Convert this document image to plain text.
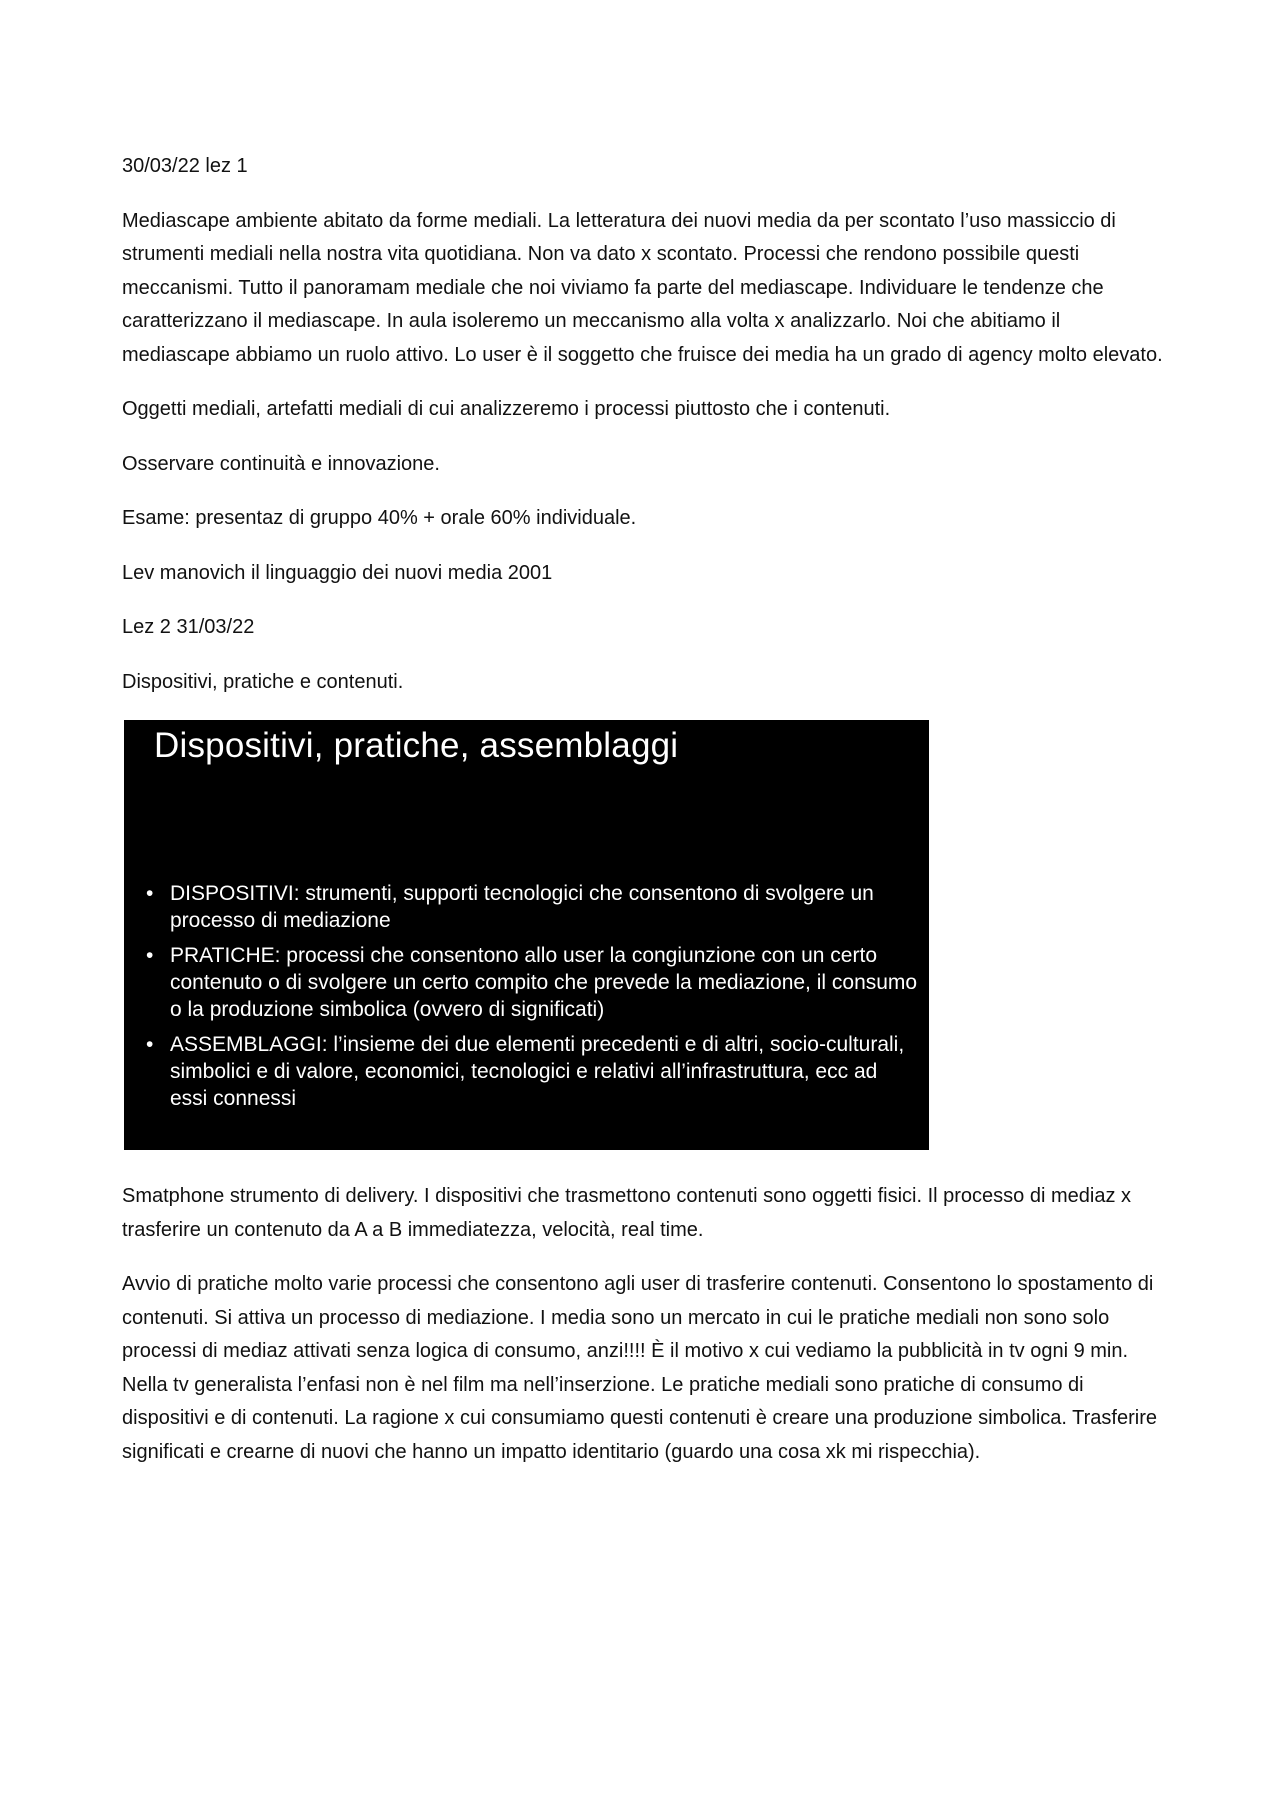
30/03/22 lez 1

Mediascape ambiente abitato da forme mediali. La letteratura dei nuovi media da per scontato l’uso massiccio di strumenti mediali nella nostra vita quotidiana. Non va dato x scontato. Processi che rendono possibile questi meccanismi. Tutto il panoramam mediale che noi viviamo fa parte del mediascape. Individuare le tendenze che caratterizzano il mediascape. In aula isoleremo un meccanismo alla volta x analizzarlo. Noi che abitiamo il mediascape abbiamo un ruolo attivo. Lo user è il soggetto che fruisce dei media ha un grado di agency molto elevato.

Oggetti mediali, artefatti mediali di cui analizzeremo i processi piuttosto che i contenuti.

Osservare continuità e innovazione.

Esame: presentaz di gruppo 40% + orale 60% individuale.

Lev manovich il linguaggio dei nuovi media 2001

Lez 2 31/03/22

Dispositivi, pratiche e contenuti.

Dispositivi, pratiche, assemblaggi
• DISPOSITIVI: strumenti, supporti tecnologici che consentono di svolgere un processo di mediazione
• PRATICHE: processi che consentono allo user la congiunzione con un certo contenuto o di svolgere un certo compito che prevede la mediazione, il consumo o la produzione simbolica (ovvero di significati)
• ASSEMBLAGGI: l’insieme dei due elementi precedenti e di altri, socio-culturali, simbolici e di valore, economici, tecnologici e relativi all’infrastruttura, ecc ad essi connessi

Smatphone strumento di delivery. I dispositivi che trasmettono contenuti sono oggetti fisici. Il processo di mediaz x trasferire un contenuto da A a B immediatezza, velocità, real time.

Avvio di pratiche molto varie processi che consentono agli user di trasferire contenuti. Consentono lo spostamento di contenuti. Si attiva un processo di mediazione. I media sono un mercato in cui le pratiche mediali non sono solo processi di mediaz attivati senza logica di consumo, anzi!!!! È il motivo x cui vediamo la pubblicità in tv ogni 9 min. Nella tv generalista l’enfasi non è nel film ma nell’inserzione. Le pratiche mediali sono pratiche di consumo di dispositivi e di contenuti. La ragione x cui consumiamo questi contenuti è creare una produzione simbolica. Trasferire significati e crearne di nuovi che hanno un impatto identitario (guardo una cosa xk mi rispecchia).
